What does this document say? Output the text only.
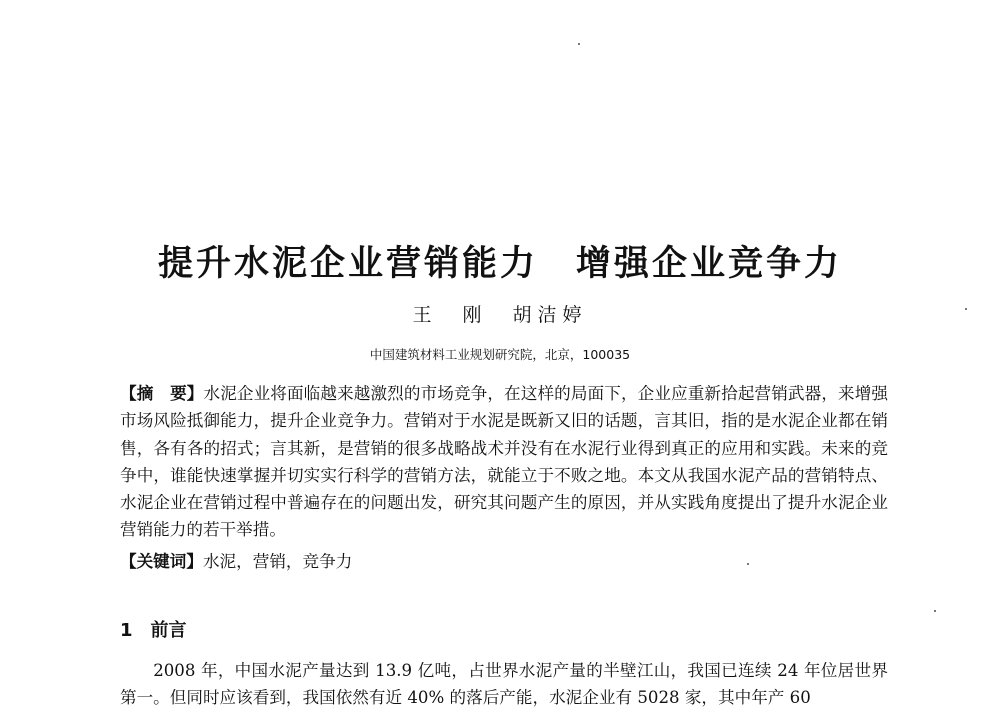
提升水泥企业营销能力　增强企业竞争力
王　刚　胡洁婷
中国建筑材料工业规划研究院，北京，100035
【摘　要】水泥企业将面临越来越激烈的市场竞争，在这样的局面下，企业应重新拾起营销武器，来增强市场风险抵御能力，提升企业竞争力。营销对于水泥是既新又旧的话题，言其旧，指的是水泥企业都在销售，各有各的招式；言其新，是营销的很多战略战术并没有在水泥行业得到真正的应用和实践。未来的竞争中，谁能快速掌握并切实实行科学的营销方法，就能立于不败之地。本文从我国水泥产品的营销特点、水泥企业在营销过程中普遍存在的问题出发，研究其问题产生的原因，并从实践角度提出了提升水泥企业营销能力的若干举措。
【关键词】水泥，营销，竞争力
1　前言
2008 年，中国水泥产量达到 13.9 亿吨，占世界水泥产量的半壁江山，我国已连续 24 年位居世界第一。但同时应该看到，我国依然有近 40% 的落后产能，水泥企业有 5028 家，其中年产 60
